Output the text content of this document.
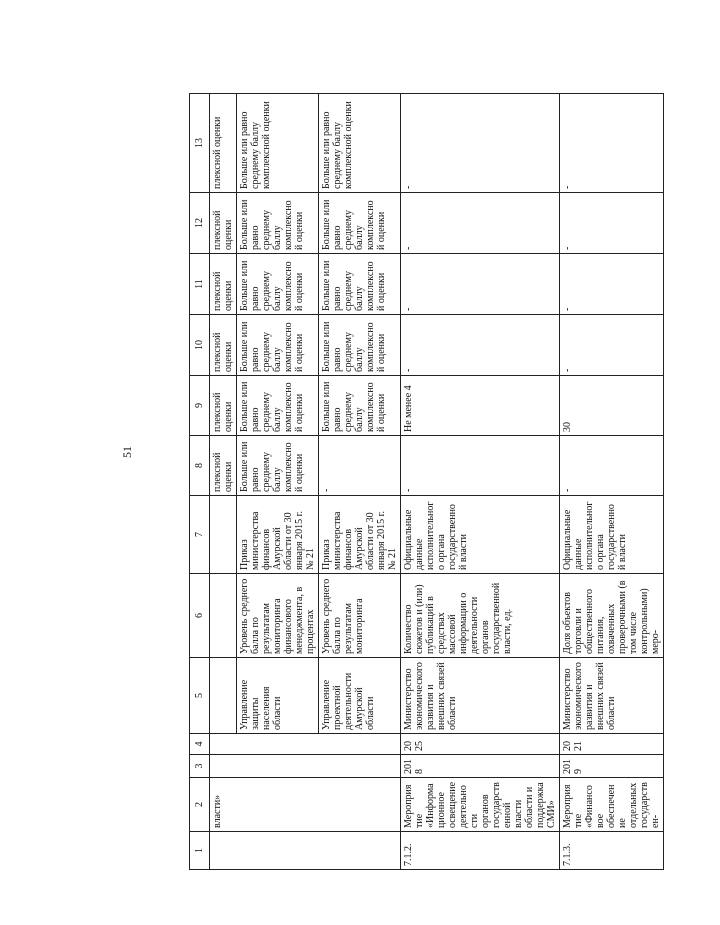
51
1	2	3	4	5	6	7	8	9	10	11	12	13
	власти»						плексной оценки	плексной оценки	плексной оценки	плексной оценки	плексной оценки	плексной оценки
				Управление защиты населения области	Уровень среднего балла по результатам мониторинга финансового менеджмента, в процентах	Приказ министерства финансов Амурской области от 30 января 2015 г. № 21	Больше или равно среднему баллу комплексной оценки	Больше или равно среднему баллу комплексной оценки	Больше или равно среднему баллу комплексной оценки	Больше или равно среднему баллу комплексной оценки	Больше или равно среднему баллу комплексной оценки	Больше или равно среднему баллу комплексной оценки
				Управление проектной деятельности Амурской области	Уровень среднего балла по результатам мониторинга	Приказ министерства финансов Амурской области от 30 января 2015 г. № 21	-	Больше или равно среднему баллу комплексной оценки	Больше или равно среднему баллу комплексной оценки	Больше или равно среднему баллу комплексной оценки	Больше или равно среднему баллу комплексной оценки	Больше или равно среднему баллу комплексной оценки
7.1.2.	Мероприятие «Информационное освещение деятельности органов государственной власти области и поддержка СМИ»	2018	2025	Министерство экономического развития и внешних связей области	Количество сюжетов и (или) публикаций в средствах массовой информации о деятельности органов государственной власти, ед.	Официальные данные исполнительного органа государственной власти	-	Не менее 4	-	-	-	-
7.1.3.	Мероприятие «Финансовое обеспечение отдельных государствен-	2019	2021	Министерство экономического развития и внешних связей области	Доля объектов торговли и общественного питания, охваченных проверочными (в том числе контрольными) меро-	Официальные данные исполнительного органа государственной власти	-	30	-	-	-	-
